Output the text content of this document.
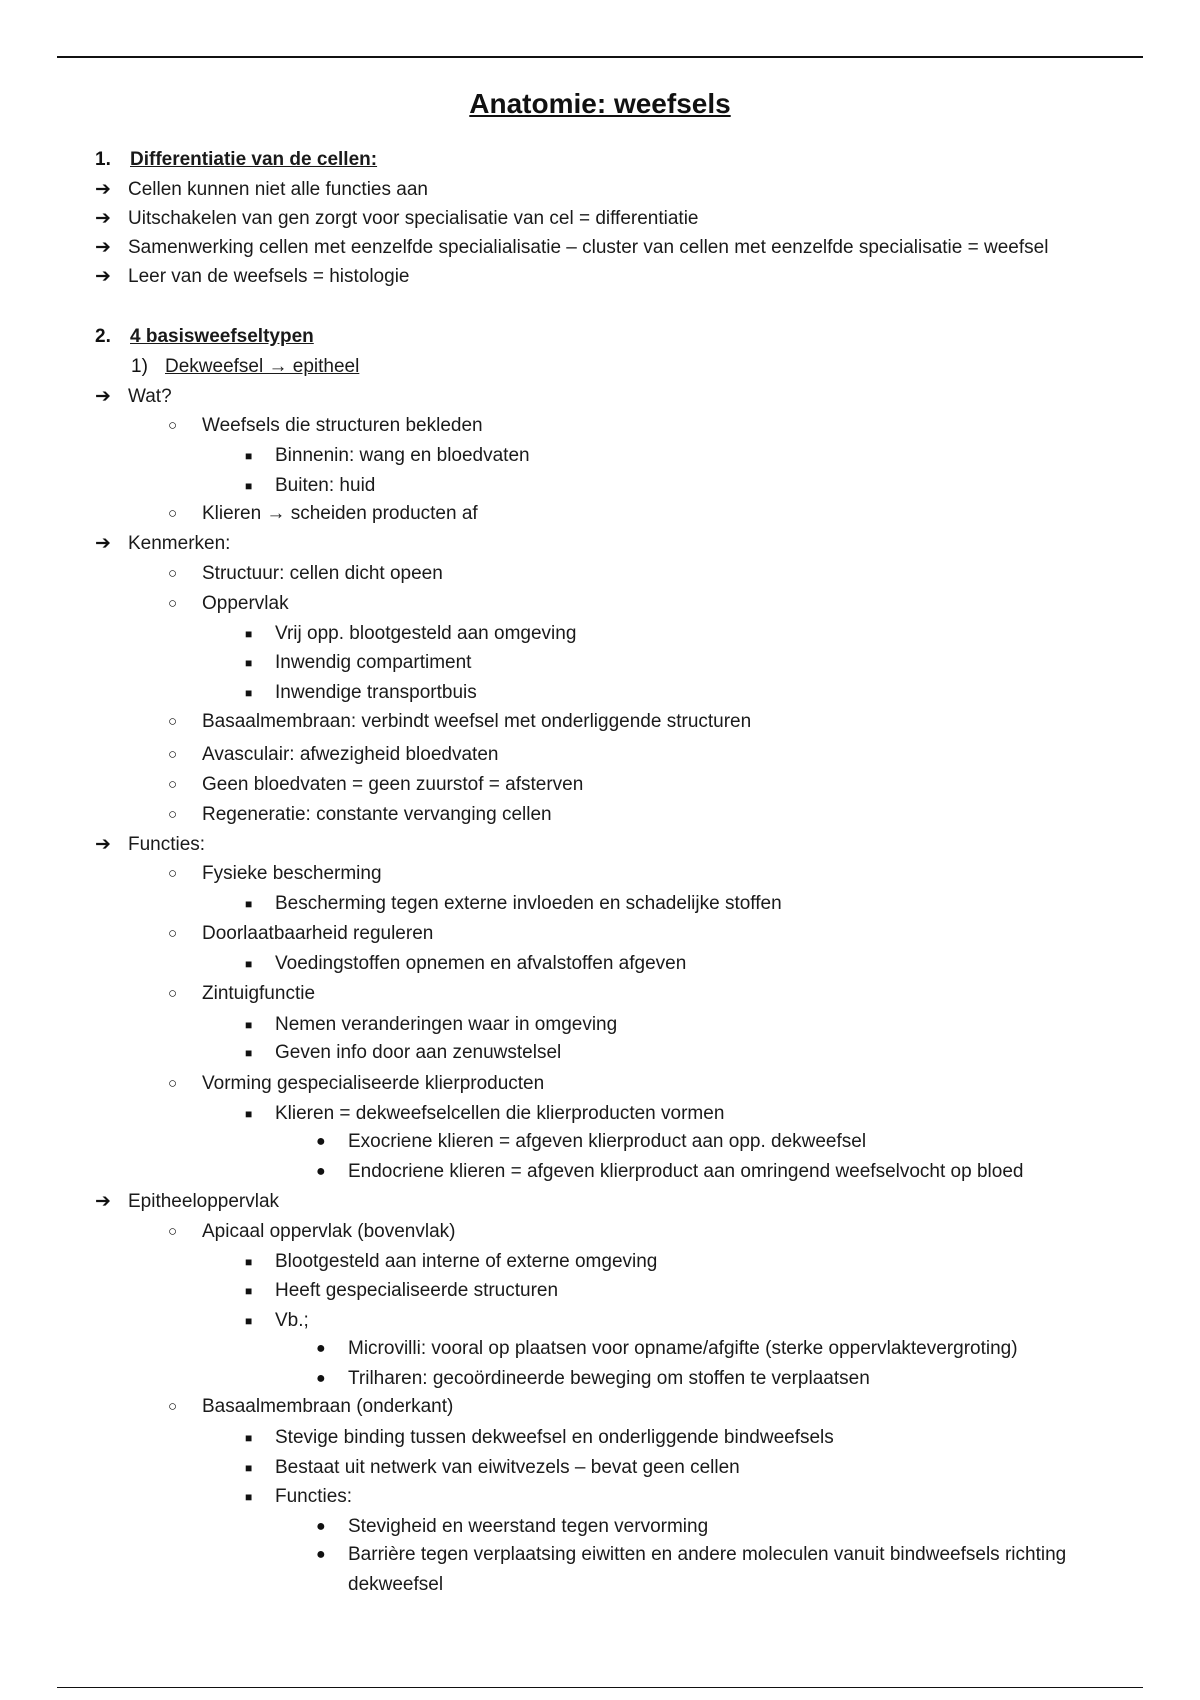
Anatomie: weefsels
1. Differentiatie van de cellen:
➔ Cellen kunnen niet alle functies aan
➔ Uitschakelen van gen zorgt voor specialisatie van cel = differentiatie
➔ Samenwerking cellen met eenzelfde specialialisatie – cluster van cellen met eenzelfde specialisatie = weefsel
➔ Leer van de weefsels = histologie
2. 4 basisweefseltypen
1) Dekweefsel → epitheel
➔ Wat?
○ Weefsels die structuren bekleden
■ Binnenin: wang en bloedvaten
■ Buiten: huid
○ Klieren → scheiden producten af
➔ Kenmerken:
○ Structuur: cellen dicht opeen
○ Oppervlak
■ Vrij opp. blootgesteld aan omgeving
■ Inwendig compartiment
■ Inwendige transportbuis
○ Basaalmembraan: verbindt weefsel met onderliggende structuren
○ Avasculair: afwezigheid bloedvaten
○ Geen bloedvaten = geen zuurstof = afsterven
○ Regeneratie: constante vervanging cellen
➔ Functies:
○ Fysieke bescherming
■ Bescherming tegen externe invloeden en schadelijke stoffen
○ Doorlaatbaarheid reguleren
■ Voedingstoffen opnemen en afvalstoffen afgeven
○ Zintuigfunctie
■ Nemen veranderingen waar in omgeving
■ Geven info door aan zenuwstelsel
○ Vorming gespecialiseerde klierproducten
■ Klieren = dekweefselcellen die klierproducten vormen
● Exocriene klieren = afgeven klierproduct aan opp. dekweefsel
● Endocriene klieren = afgeven klierproduct aan omringend weefselvocht op bloed
➔ Epitheeloppervlak
○ Apicaal oppervlak (bovenvlak)
■ Blootgesteld aan interne of externe omgeving
■ Heeft gespecialiseerde structuren
■ Vb.;
● Microvilli: vooral op plaatsen voor opname/afgifte (sterke oppervlaktevergroting)
● Trilharen: gecoördineerde beweging om stoffen te verplaatsen
○ Basaalmembraan (onderkant)
■ Stevige binding tussen dekweefsel en onderliggende bindweefsels
■ Bestaat uit netwerk van eiwitvezels – bevat geen cellen
■ Functies:
● Stevigheid en weerstand tegen vervorming
● Barrière tegen verplaatsing eiwitten en andere moleculen vanuit bindweefsels richting
dekweefsel
